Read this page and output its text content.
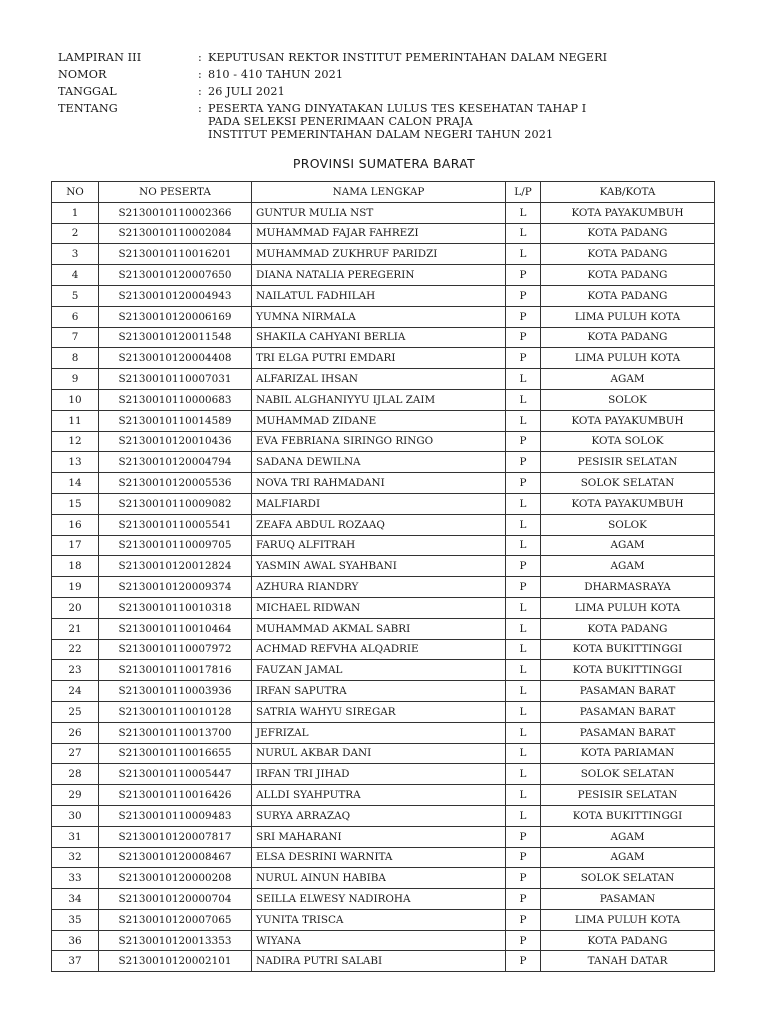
LAMPIRAN III	: KEPUTUSAN REKTOR INSTITUT PEMERINTAHAN DALAM NEGERI
NOMOR	: 810 - 410 TAHUN 2021
TANGGAL	: 26 JULI 2021
TENTANG	: PESERTA YANG DINYATAKAN LULUS TES KESEHATAN TAHAP I
PADA SELEKSI PENERIMAAN CALON PRAJA
INSTITUT PEMERINTAHAN DALAM NEGERI TAHUN 2021
PROVINSI SUMATERA BARAT
NO	NO PESERTA	NAMA LENGKAP	L/P	KAB/KOTA
1	S2130010110002366	GUNTUR MULIA NST	L	KOTA PAYAKUMBUH
2	S2130010110002084	MUHAMMAD FAJAR FAHREZI	L	KOTA PADANG
3	S2130010110016201	MUHAMMAD ZUKHRUF PARIDZI	L	KOTA PADANG
4	S2130010120007650	DIANA NATALIA PEREGERIN	P	KOTA PADANG
5	S2130010120004943	NAILATUL FADHILAH	P	KOTA PADANG
6	S2130010120006169	YUMNA NIRMALA	P	LIMA PULUH KOTA
7	S2130010120011548	SHAKILA CAHYANI BERLIA	P	KOTA PADANG
8	S2130010120004408	TRI ELGA PUTRI EMDARI	P	LIMA PULUH KOTA
9	S2130010110007031	ALFARIZAL IHSAN	L	AGAM
10	S2130010110000683	NABIL ALGHANIYYU IJLAL ZAIM	L	SOLOK
11	S2130010110014589	MUHAMMAD ZIDANE	L	KOTA PAYAKUMBUH
12	S2130010120010436	EVA FEBRIANA SIRINGO RINGO	P	KOTA SOLOK
13	S2130010120004794	SADANA DEWILNA	P	PESISIR SELATAN
14	S2130010120005536	NOVA TRI RAHMADANI	P	SOLOK SELATAN
15	S2130010110009082	MALFIARDI	L	KOTA PAYAKUMBUH
16	S2130010110005541	ZEAFA ABDUL ROZAAQ	L	SOLOK
17	S2130010110009705	FARUQ ALFITRAH	L	AGAM
18	S2130010120012824	YASMIN AWAL SYAHBANI	P	AGAM
19	S2130010120009374	AZHURA RIANDRY	P	DHARMASRAYA
20	S2130010110010318	MICHAEL RIDWAN	L	LIMA PULUH KOTA
21	S2130010110010464	MUHAMMAD AKMAL SABRI	L	KOTA PADANG
22	S2130010110007972	ACHMAD REFVHA ALQADRIE	L	KOTA BUKITTINGGI
23	S2130010110017816	FAUZAN JAMAL	L	KOTA BUKITTINGGI
24	S2130010110003936	IRFAN SAPUTRA	L	PASAMAN BARAT
25	S2130010110010128	SATRIA WAHYU SIREGAR	L	PASAMAN BARAT
26	S2130010110013700	JEFRIZAL	L	PASAMAN BARAT
27	S2130010110016655	NURUL AKBAR DANI	L	KOTA PARIAMAN
28	S2130010110005447	IRFAN TRI JIHAD	L	SOLOK SELATAN
29	S2130010110016426	ALLDI SYAHPUTRA	L	PESISIR SELATAN
30	S2130010110009483	SURYA ARRAZAQ	L	KOTA BUKITTINGGI
31	S2130010120007817	SRI MAHARANI	P	AGAM
32	S2130010120008467	ELSA DESRINI WARNITA	P	AGAM
33	S2130010120000208	NURUL AINUN HABIBA	P	SOLOK SELATAN
34	S2130010120000704	SEILLA ELWESY NADIROHA	P	PASAMAN
35	S2130010120007065	YUNITA TRISCA	P	LIMA PULUH KOTA
36	S2130010120013353	WIYANA	P	KOTA PADANG
37	S2130010120002101	NADIRA PUTRI SALABI	P	TANAH DATAR
